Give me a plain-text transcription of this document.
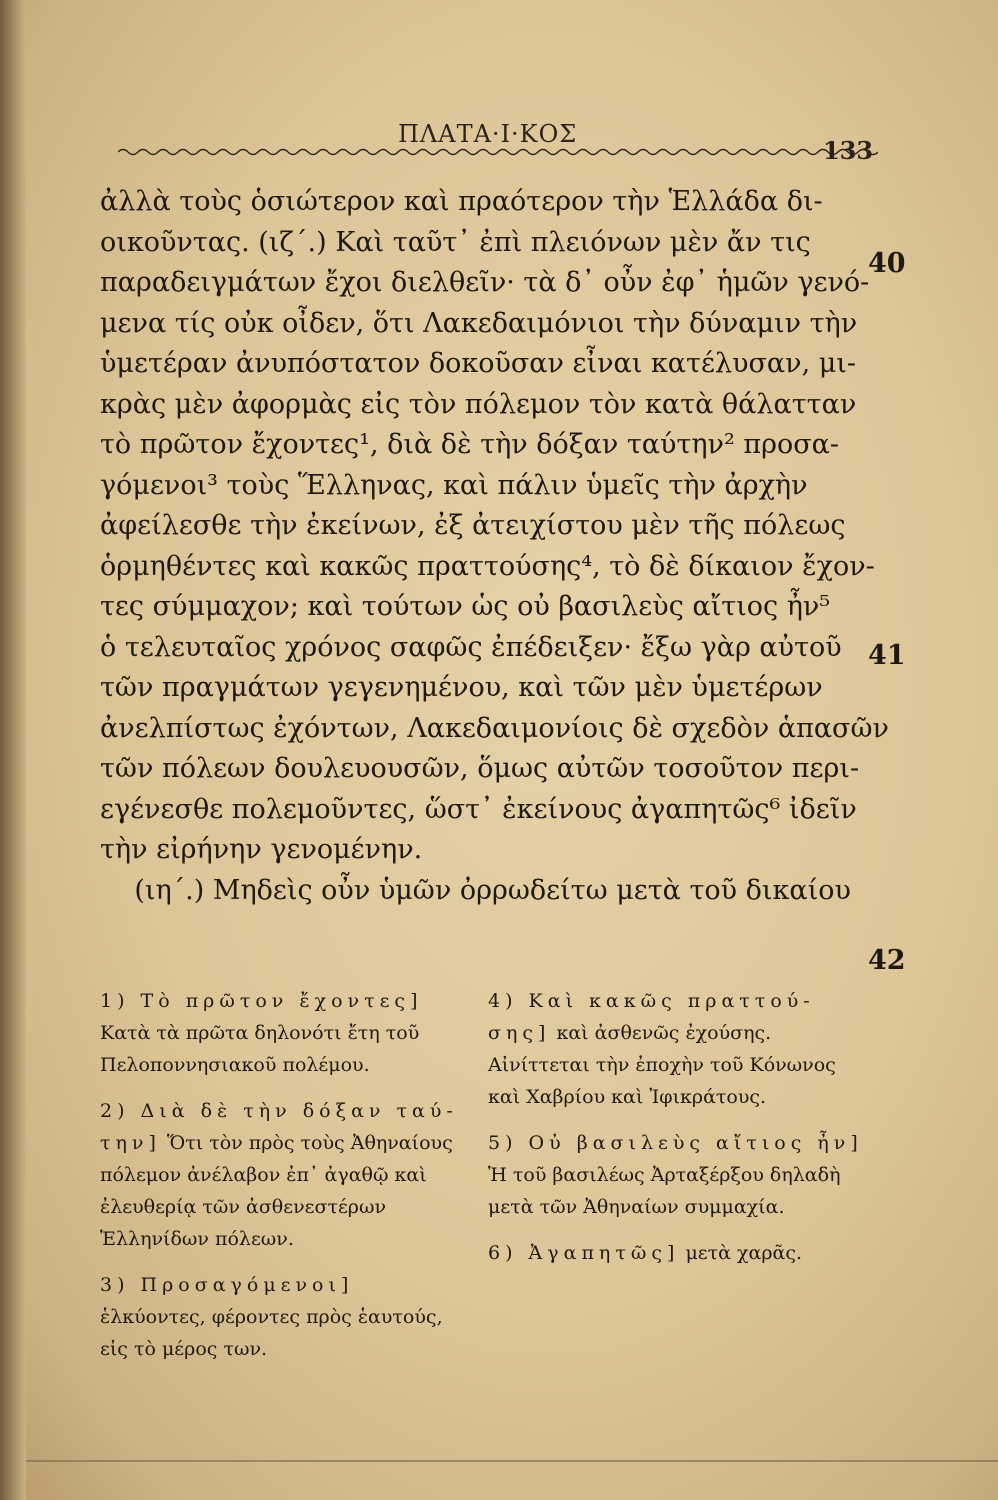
ΠΛΑΤΑ·Ι·ΚΟΣ
133
ἀλλὰ τοὺς ὁσιώτερον καὶ πραότερον τὴν Ἑλλάδα δι-
οικοῦντας. (ιζ΄.) Καὶ ταῦτ᾽ ἐπὶ πλειόνων μὲν ἄν τις
παραδειγμάτων ἔχοι διελθεῖν· τὰ δ᾽ οὖν ἐφ᾽ ἡμῶν γενό-
μενα τίς οὐκ οἶδεν, ὅτι Λακεδαιμόνιοι τὴν δύναμιν τὴν
ὑμετέραν ἀνυπόστατον δοκοῦσαν εἶναι κατέλυσαν, μι-
κρὰς μὲν ἀφορμὰς εἰς τὸν πόλεμον τὸν κατὰ θάλατταν
τὸ πρῶτον ἔχοντες¹, διὰ δὲ τὴν δόξαν ταύτην² προσα-
γόμενοι³ τοὺς Ἕλληνας, καὶ πάλιν ὑμεῖς τὴν ἀρχὴν
ἀφείλεσθε τὴν ἐκείνων, ἐξ ἀτειχίστου μὲν τῆς πόλεως
ὁρμηθέντες καὶ κακῶς πραττούσης⁴, τὸ δὲ δίκαιον ἔχον-
τες σύμμαχον; καὶ τούτων ὡς οὐ βασιλεὺς αἴτιος ἦν⁵
ὁ τελευταῖος χρόνος σαφῶς ἐπέδειξεν· ἔξω γὰρ αὐτοῦ
τῶν πραγμάτων γεγενημένου, καὶ τῶν μὲν ὑμετέρων
ἀνελπίστως ἐχόντων, Λακεδαιμονίοις δὲ σχεδὸν ἁπασῶν
τῶν πόλεων δουλευουσῶν, ὅμως αὐτῶν τοσοῦτον περι-
εγένεσθε πολεμοῦντες, ὥστ᾽ ἐκείνους ἀγαπητῶς⁶ ἰδεῖν
τὴν εἰρήνην γενομένην.
(ιη΄.) Μηδεὶς οὖν ὑμῶν ὀρρωδείτω μετὰ τοῦ δικαίου
40
41
42

1) Τὸ πρῶτον ἔχοντες] Κατὰ τὰ πρῶτα δηλονότι ἔτη τοῦ Πελοποννησιακοῦ πολέμου.

2) Διὰ δὲ τὴν δόξαν ταύ-την] Ὅτι τὸν πρὸς τοὺς Ἀθηναίους πόλεμον ἀνέλαβον ἐπ᾽ ἀγαθῷ καὶ ἐλευθερίᾳ τῶν ἀσθενεστέρων Ἑλληνίδων πόλεων.

3) Προσαγόμενοι] ἑλκύοντες, φέροντες πρὸς ἑαυτούς, εἰς τὸ μέρος των.

4) Καὶ κακῶς πραττού-σης] καὶ ἀσθενῶς ἐχούσης. Αἰνίττεται τὴν ἐποχὴν τοῦ Κόνωνος καὶ Χαβρίου καὶ Ἰφικράτους.

5) Οὐ βασιλεὺς αἴτιος ἦν] Ἡ τοῦ βασιλέως Ἀρταξέρξου δηλαδὴ μετὰ τῶν Ἀθηναίων συμμαχία.

6) Ἀγαπητῶς] μετὰ χαρᾶς.
